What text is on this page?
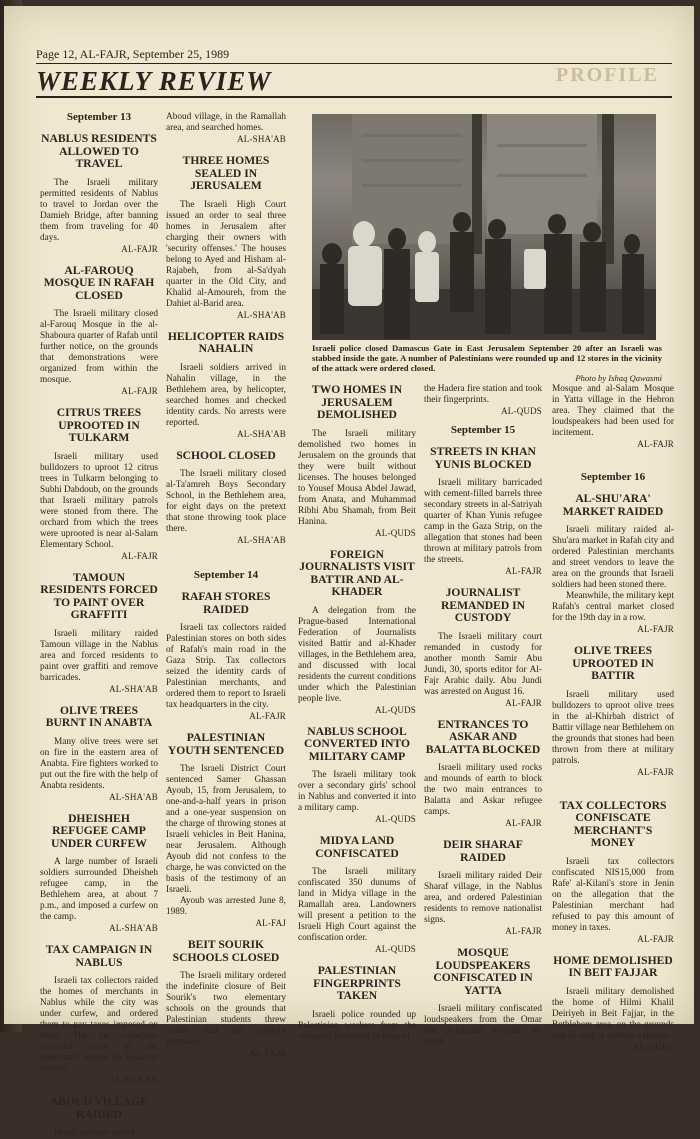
PROFILE
Page 12, AL-FAJR, September 25, 1989
WEEKLY REVIEW
September 13
NABLUS RESIDENTS ALLOWED TO TRAVEL

The Israeli military permitted residents of Nablus to travel to Jordan over the Damieh Bridge, after banning them from traveling for 40 days.

AL-FAJR
AL-FAROUQ MOSQUE IN RAFAH CLOSED

The Israeli military closed al-Farouq Mosque in the al-Shaboura quarter of Rafah until further notice, on the grounds that demonstrations were organized from within the mosque.

AL-FAJR
CITRUS TREES UPROOTED IN TULKARM

Israeli military used bulldozers to uproot 12 citrus trees in Tulkarm belonging to Subhi Dabdoub, on the grounds that Israeli military patrols were stoned from there. The orchard from which the trees were uprooted is near al-Salam Elementary School.

AL-FAJR
TAMOUN RESIDENTS FORCED TO PAINT OVER GRAFFITI

Israeli military raided Tamoun village in the Nablus area and forced residents to paint over graffiti and remove barricades.

AL-SHA'AB
OLIVE TREES BURNT IN ANABTA

Many olive trees were set on fire in the eastern area of Anabta. Fire fighters worked to put out the fire with the help of Anabta residents.

AL-SHA'AB
DHEISHEH REFUGEE CAMP UNDER CURFEW

A large number of Israeli soldiers surrounded Dheisheh refugee camp, in the Bethlehem area, at about 7 p.m., and imposed a curfew on the camp.

AL-SHA'AB
TAX CAMPAIGN IN NABLUS

Israeli tax collectors raided the homes of merchants in Nablus while the city was under curfew, and ordered them to pay taxes imposed on them. The tax collectors searched some of the merchants' homes for financial records.

AL-SHA'AB
ABOUD VILLAGE RAIDED

Israeli military raided

Aboud village, in the Ramallah area, and searched homes.

AL-SHA'AB
THREE HOMES SEALED IN JERUSALEM

The Israeli High Court issued an order to seal three homes in Jerusalem after charging their owners with 'security offenses.' The houses belong to Ayed and Hisham al-Rajabeh, from al-Sa'dyah quarter in the Old City, and Khalid al-Amoureh, from the Dahiet al-Barid area.

AL-SHA'AB
HELICOPTER RAIDS NAHALIN

Israeli soldiers arrived in Nahalin village, in the Bethlehem area, by helicopter, searched homes and checked identity cards. No arrests were reported.

AL-SHA'AB
SCHOOL CLOSED

The Israeli military closed al-Ta'amreh Boys Secondary School, in the Bethlehem area, for eight days on the pretext that stone throwing took place there.

AL-SHA'AB
September 14
RAFAH STORES RAIDED

Israeli tax collectors raided Palestinian stores on both sides of Rafah's main road in the Gaza Strip. Tax collectors seized the identity cards of Palestinian merchants, and ordered them to report to Israeli tax headquarters in the city.

AL-FAJR
PALESTINIAN YOUTH SENTENCED

The Israeli District Court sentenced Samer Ghassan Ayoub, 15, from Jerusalem, to one-and-a-half years in prison and a one-year suspension on the charge of throwing stones at Israeli vehicles in Beit Hanina, near Jerusalem. Although Ayoub did not confess to the charge, he was convicted on the basis of the testimony of an Israeli.

Ayoub was arrested June 8, 1989.

AL-FAJ
BEIT SOURIK SCHOOLS CLOSED

The Israeli military ordered the indefinite closure of Beit Sourik's two elementary schools on the grounds that Palestinian students threw stones near the school's premises.

AL-FAJR
Israeli police closed Damascus Gate in East Jerusalem September 20 after an Israeli was stabbed inside the gate. A number of Palestinians were rounded up and 12 stores in the vicinity of the attack were ordered closed.
Photo by Ishaq Qawasmi
TWO HOMES IN JERUSALEM DEMOLISHED

The Israeli military demolished two homes in Jerusalem on the grounds that they were built without licenses. The houses belonged to Yousef Mousa Abdel Jawad, from Anata, and Muhammad Ribhi Abu Shamah, from Beit Hanina.

AL-QUDS
FOREIGN JOURNALISTS VISIT BATTIR AND AL-KHADER

A delegation from the Prague-based International Federation of Journalists visited Battir and al-Khader villages, in the Bethlehem area, and discussed with local residents the current conditions under which the Palestinian people live.

AL-QUDS
NABLUS SCHOOL CONVERTED INTO MILITARY CAMP

The Israeli military took over a secondary girls' school in Nablus and converted it into a military camp.

AL-QUDS
MIDYA LAND CONFISCATED

The Israeli military confiscated 350 dunums of land in Midya village in the Ramallah area. Landowners will present a petition to the Israeli High Court against the confiscation order.

AL-QUDS
PALESTINIAN FINGERPRINTS TAKEN

Israeli police rounded up Palestinian workers from the occupied territories in front of

the Hadera fire station and took their fingerprints.

AL-QUDS
September 15
STREETS IN KHAN YUNIS BLOCKED

Israeli military barricaded with cement-filled barrels three secondary streets in al-Satriyah quarter of Khan Yunis refugee camp in the Gaza Strip, on the allegation that stones had been thrown at military patrols from the streets.

AL-FAJR
JOURNALIST REMANDED IN CUSTODY

The Israeli military court remanded in custody for another month Samir Abu Jundi, 30, sports editor for Al-Fajr Arabic daily. Abu Jundi was arrested on August 16.

AL-FAJR
ENTRANCES TO ASKAR AND BALATTA BLOCKED

Israeli military used rocks and mounds of earth to block the two main entrances to Balatta and Askar refugee camps.

AL-FAJR
DEIR SHARAF RAIDED

Israeli military raided Deir Sharaf village, in the Nablus area, and ordered Palestinian residents to remove nationalist signs.

AL-FAJR
MOSQUE LOUDSPEAKERS CONFISCATED IN YATTA

Israeli military confiscated loudspeakers from the Omar Ibn al-Khatab mosque, al-Kabir

Mosque and al-Salam Mosque in Yatta village in the Hebron area. They claimed that the loudspeakers had been used for incitement.

AL-FAJR
September 16
AL-SHU'ARA' MARKET RAIDED

Israeli military raided al-Shu'ara market in Rafah city and ordered Palestinian merchants and street vendors to leave the area on the grounds that Israeli soldiers had been stoned there.

Meanwhile, the military kept Rafah's central market closed for the 19th day in a row.

AL-FAJR
OLIVE TREES UPROOTED IN BATTIR

Israeli military used bulldozers to uproot olive trees in the al-Khirbah district of Battir village near Bethlehem on the grounds that stones had been thrown from there at military patrols.

AL-FAJR
TAX COLLECTORS CONFISCATE MERCHANT'S MONEY

Israeli tax collectors confiscated NIS15,000 from Rafe' al-Kilani's store in Jenin on the allegation that the Palestinian merchant had refused to pay this amount of money in taxes.

AL-FAJR
HOME DEMOLISHED IN BEIT FAJJAR

Israeli military demolished the home of Hilmi Khalil Deiriyeh in Beit Fajjar, in the Bethlehem area, on the grounds that he built it without a license.

AL-QUDS
